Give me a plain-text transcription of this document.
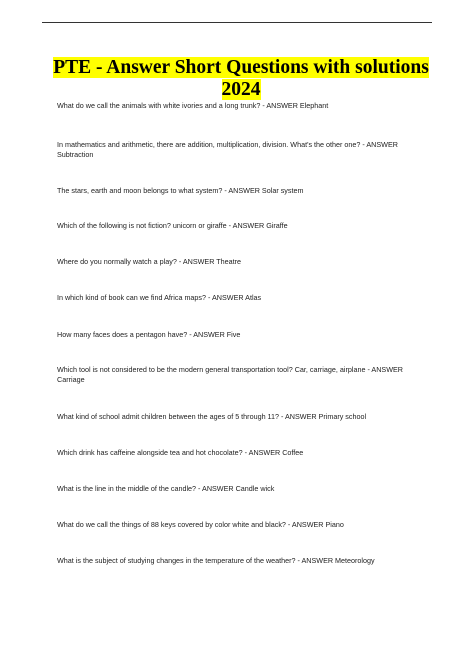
PTE - Answer Short Questions with solutions 2024

What do we call the animals with white ivories and a long trunk? - ANSWER Elephant

In mathematics and arithmetic, there are addition, multiplication, division. What's the other one? - ANSWER Subtraction

The stars, earth and moon belongs to what system? - ANSWER Solar system

Which of the following is not fiction? unicorn or giraffe - ANSWER Giraffe

Where do you normally watch a play? - ANSWER Theatre

In which kind of book can we find Africa maps? - ANSWER Atlas

How many faces does a pentagon have? - ANSWER Five

Which tool is not considered to be the modern general transportation tool? Car, carriage, airplane - ANSWER Carriage

What kind of school admit children between the ages of 5 through 11? - ANSWER Primary school

Which drink has caffeine alongside tea and hot chocolate? - ANSWER Coffee

What is the line in the middle of the candle? - ANSWER Candle wick

What do we call the things of 88 keys covered by color white and black? - ANSWER Piano

What is the subject of studying changes in the temperature of the weather? - ANSWER Meteorology
